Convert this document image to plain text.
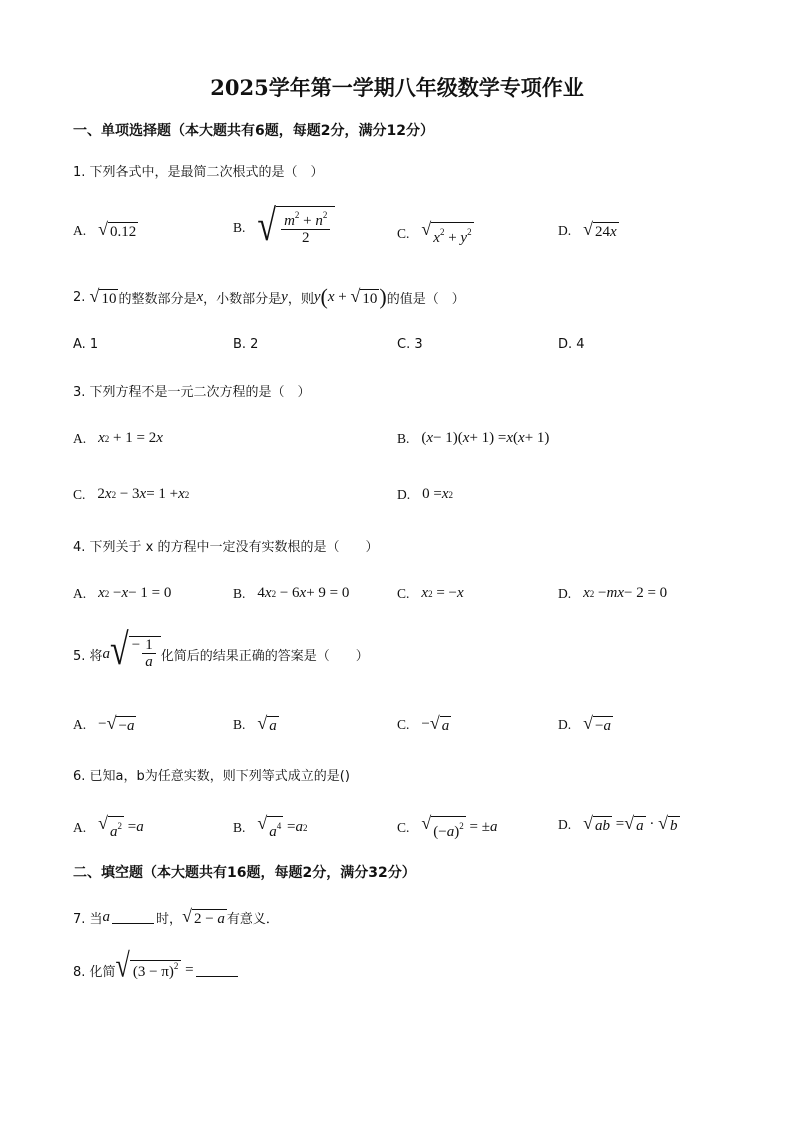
2025学年第一学期八年级数学专项作业
一、单项选择题（本大题共有6题，每题2分，满分12分）
1. 下列各式中，是最简二次根式的是（　）
A. √ 0.12	B. √ $\frac{m^2 + n^2}{2}$	C. √ $x^2 + y^2$	D. √ 24x
2.
√ 10 的整数部分是 x ，小数部分是 y ，则 y ( x + √ 10 ) 的值是（　）
A. 1	B. 2	C. 3	D. 4
3. 下列方程不是一元二次方程的是（　）
A. x 2 + 1 = 2 x	B. ( x − 1)( x + 1) = x ( x + 1)
C. 2 x 2 − 3 x = 1 + x 2	D. 0 = x 2
4. 下列关于 x 的方程中一定没有实数根的是（　　）
A. x 2 − x − 1 = 0	B. 4 x 2 − 6 x + 9 = 0	C. x 2 = − x	D. x 2 − mx − 2 = 0
5. 将 a √ − $\frac{1}{a}$ 化简后的结果正确的答案是（　　）
A. − √ −a	B. √ a	C. − √ a	D. √ −a
6. 已知a，b为任意实数，则下列等式成立的是()
A. √ $a^2 = a$	B. √ $a^4 = a$ 2	C. √ $(-a)^2$ = ± a	D. √ ab = √ a · √ b
二、填空题（本大题共有16题，每题2分，满分32分）
7. 当 a	时， √ 2 − a 有意义．
8. 化简 √ $(3 - \pi)^2$ =
